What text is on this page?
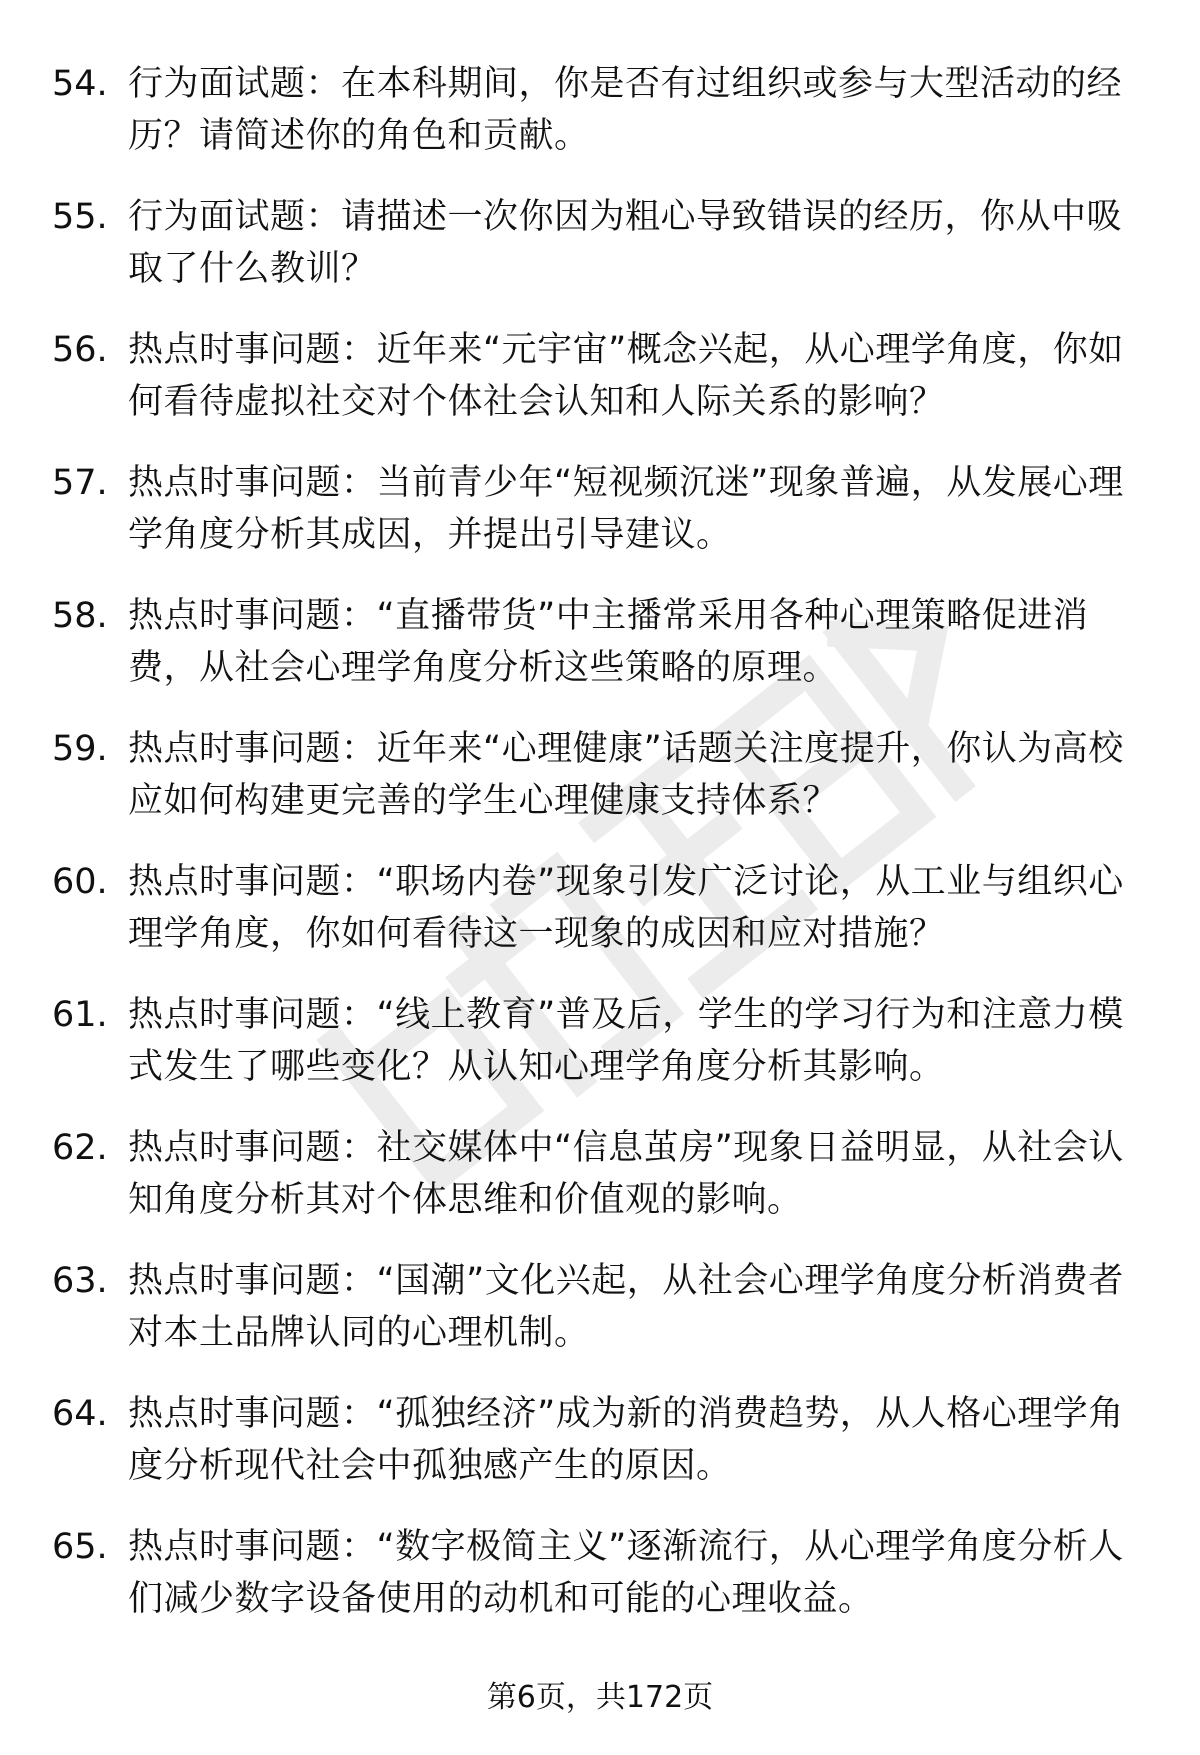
54. 行为面试题：在本科期间，你是否有过组织或参与大型活动的经历？请简述你的角色和贡献。
55. 行为面试题：请描述一次你因为粗心导致错误的经历，你从中吸取了什么教训？
56. 热点时事问题：近年来“元宇宙”概念兴起，从心理学角度，你如何看待虚拟社交对个体社会认知和人际关系的影响？
57. 热点时事问题：当前青少年“短视频沉迷”现象普遍，从发展心理学角度分析其成因，并提出引导建议。
58. 热点时事问题：“直播带货”中主播常采用各种心理策略促进消费，从社会心理学角度分析这些策略的原理。
59. 热点时事问题：近年来“心理健康”话题关注度提升，你认为高校应如何构建更完善的学生心理健康支持体系？
60. 热点时事问题：“职场内卷”现象引发广泛讨论，从工业与组织心理学角度，你如何看待这一现象的成因和应对措施？
61. 热点时事问题：“线上教育”普及后，学生的学习行为和注意力模式发生了哪些变化？从认知心理学角度分析其影响。
62. 热点时事问题：社交媒体中“信息茧房”现象日益明显，从社会认知角度分析其对个体思维和价值观的影响。
63. 热点时事问题：“国潮”文化兴起，从社会心理学角度分析消费者对本土品牌认同的心理机制。
64. 热点时事问题：“孤独经济”成为新的消费趋势，从人格心理学角度分析现代社会中孤独感产生的原因。
65. 热点时事问题：“数字极简主义”逐渐流行，从心理学角度分析人们减少数字设备使用的动机和可能的心理收益。
第6页，共172页
